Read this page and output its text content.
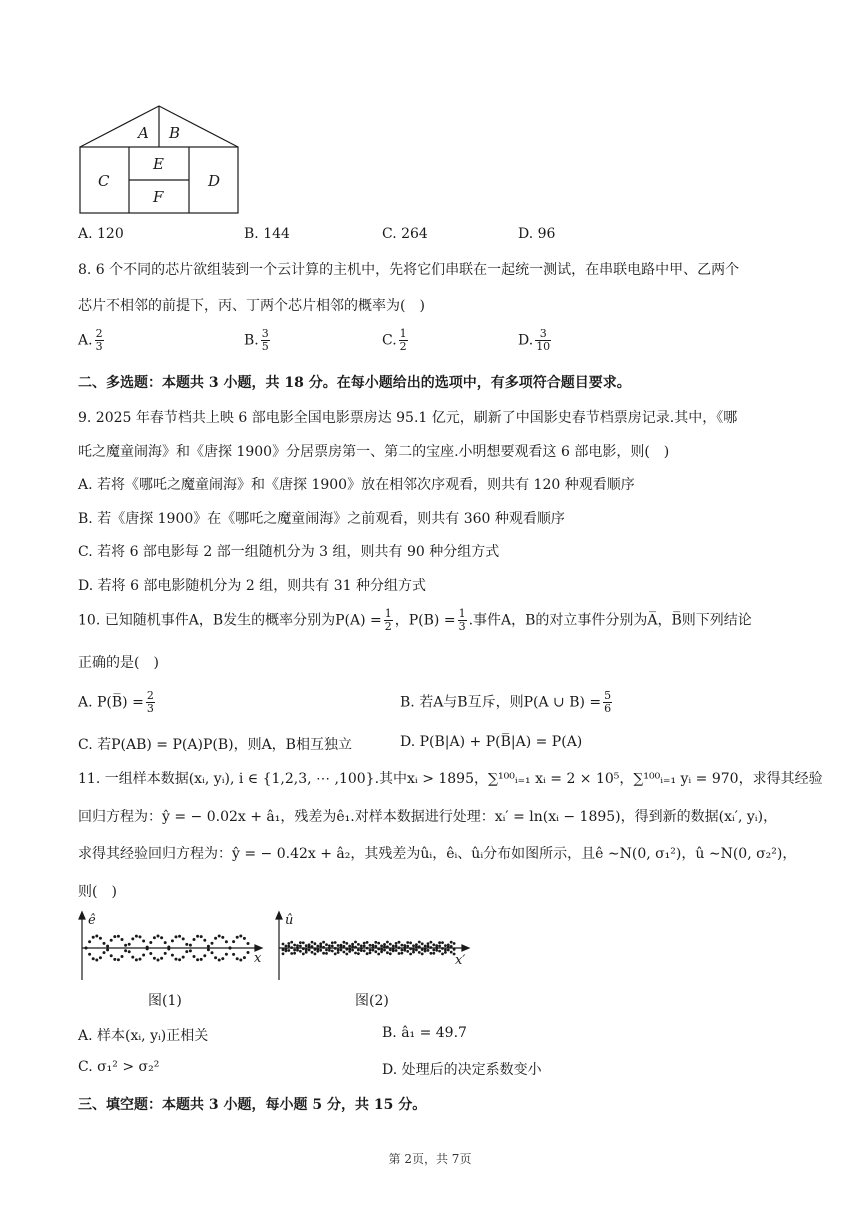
A B
C
E
F
D
A. 120	B. 144	C. 264	D. 96
8. 6 个不同的芯片欲组装到一个云计算的主机中，先将它们串联在一起统一测试，在串联电路中甲、乙两个
芯片不相邻的前提下，丙、丁两个芯片相邻的概率为(　)
A. $\frac{2}{3}$	B. $\frac{3}{5}$	C. $\frac{1}{2}$	D. $\frac{3}{10}$
二、多选题：本题共 3 小题，共 18 分。在每小题给出的选项中，有多项符合题目要求。
9. 2025 年春节档共上映 6 部电影全国电影票房达 95.1 亿元，刷新了中国影史春节档票房记录.其中，《哪
吒之魔童闹海》和《唐探 1900》分居票房第一、第二的宝座.小明想要观看这 6 部电影，则(　)
A. 若将《哪吒之魔童闹海》和《唐探 1900》放在相邻次序观看，则共有 120 种观看顺序
B. 若《唐探 1900》在《哪吒之魔童闹海》之前观看，则共有 360 种观看顺序
C. 若将 6 部电影每 2 部一组随机分为 3 组，则共有 90 种分组方式
D. 若将 6 部电影随机分为 2 组，则共有 31 种分组方式
10. 已知随机事件A，B发生的概率分别为$P(A) = \frac{1}{2}$ ，$P(B) = \frac{1}{3}$ .事件A，B的对立事件分别为A̅，B̅则下列结论
正确的是(　)
A. P(B̅) = $\frac{2}{3}$	B. 若A与B互斥，则P(A ∪ $B) = \frac{5}{6}$
C. 若P(AB) = P(A)P(B)，则A，B相互独立	D. P(B|A) + P(B̅|A) = P(A)
11. 一组样本数据(xᵢ, yᵢ), i ∈ {1,2,3, ⋯ ,100}.其中xᵢ > 1895，∑¹⁰⁰ᵢ₌₁ xᵢ = 2 × 10⁵，∑¹⁰⁰ᵢ₌₁ yᵢ = 970，求得其经验
回归方程为：ŷ = − 0.02x + â₁，残差为ê₁.对样本数据进行处理：xᵢ′ = ln(xᵢ − 1895)，得到新的数据(xᵢ′, yᵢ)，
求得其经验回归方程为：ŷ = − 0.42x + â₂，其残差为ûᵢ，êᵢ、ûᵢ分布如图所示，且ê ∼N(0, σ₁²)，û ∼N(0, σ₂²)，
则(　)
ê
x
图(1)
û
x′
图(2)
A. 样本(xᵢ, yᵢ)正相关	B. â₁ = 49.7
C. σ₁² > σ₂²	D. 处理后的决定系数变小
三、填空题：本题共 3 小题，每小题 5 分，共 15 分。
第 2页，共 7页
